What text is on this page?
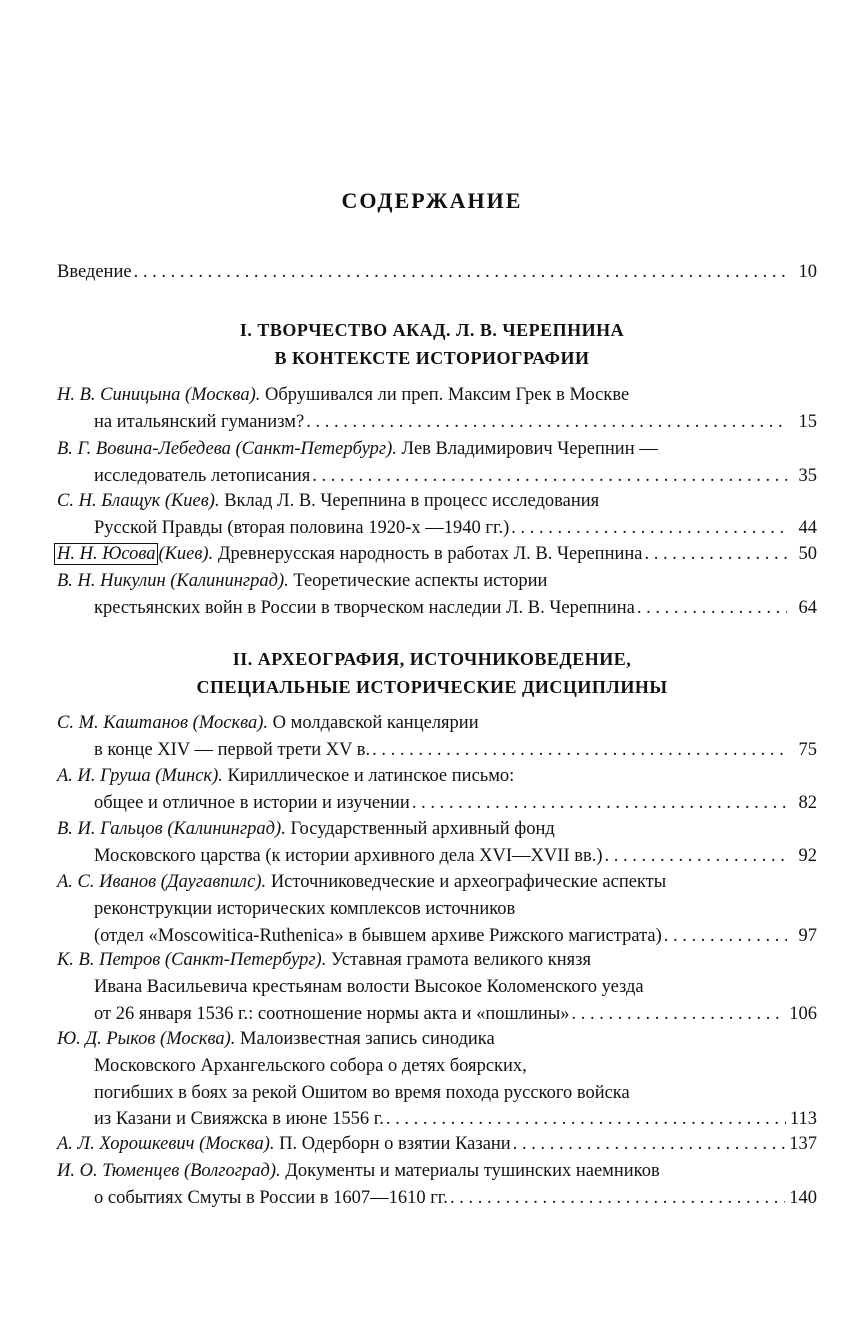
СОДЕРЖАНИЕ
Введение . . .	10
I. ТВОРЧЕСТВО АКАД. Л. В. ЧЕРЕПНИНА
В КОНТЕКСТЕ ИСТОРИОГРАФИИ
Н. В. Синицына (Москва). Обрушивался ли преп. Максим Грек в Москве
на итальянский гуманизм? . . .	15
В. Г. Вовина-Лебедева (Санкт-Петербург). Лев Владимирович Черепнин —
исследователь летописания . . .	35
С. Н. Блащук (Киев). Вклад Л. В. Черепнина в процесс исследования
Русской Правды (вторая половина 1920-х —1940 гг.) . . .	44
Н. Н. Юсова (Киев). Древнерусская народность в работах Л. В. Черепнина . . .	50
В. Н. Никулин (Калининград). Теоретические аспекты истории
крестьянских войн в России в творческом наследии Л. В. Черепнина . . .	64
II. АРХЕОГРАФИЯ, ИСТОЧНИКОВЕДЕНИЕ,
СПЕЦИАЛЬНЫЕ ИСТОРИЧЕСКИЕ ДИСЦИПЛИНЫ
С. М. Каштанов (Москва). О молдавской канцелярии
в конце XIV — первой трети XV в. . . .	75
А. И. Груша (Минск). Кириллическое и латинское письмо:
общее и отличное в истории и изучении . . .	82
В. И. Гальцов (Калининград). Государственный архивный фонд
Московского царства (к истории архивного дела XVI—XVII вв.) . . .	92
А. С. Иванов (Даугавпилс). Источниковедческие и археографические аспекты
реконструкции исторических комплексов источников
(отдел «Moscowitica-Ruthenica» в бывшем архиве Рижского магистрата) . . .	97
К. В. Петров (Санкт-Петербург). Уставная грамота великого князя
Ивана Васильевича крестьянам волости Высокое Коломенского уезда
от 26 января 1536 г.: соотношение нормы акта и «пошлины» . . .	106
Ю. Д. Рыков (Москва). Малоизвестная запись синодика
Московского Архангельского собора о детях боярских,
погибших в боях за рекой Ошитом во время похода русского войска
из Казани и Свияжска в июне 1556 г. . . .	113
А. Л. Хорошкевич (Москва). П. Одерборн о взятии Казани . . .	137
И. О. Тюменцев (Волгоград). Документы и материалы тушинских наемников
о событиях Смуты в России в 1607—1610 гг. . . .	140
